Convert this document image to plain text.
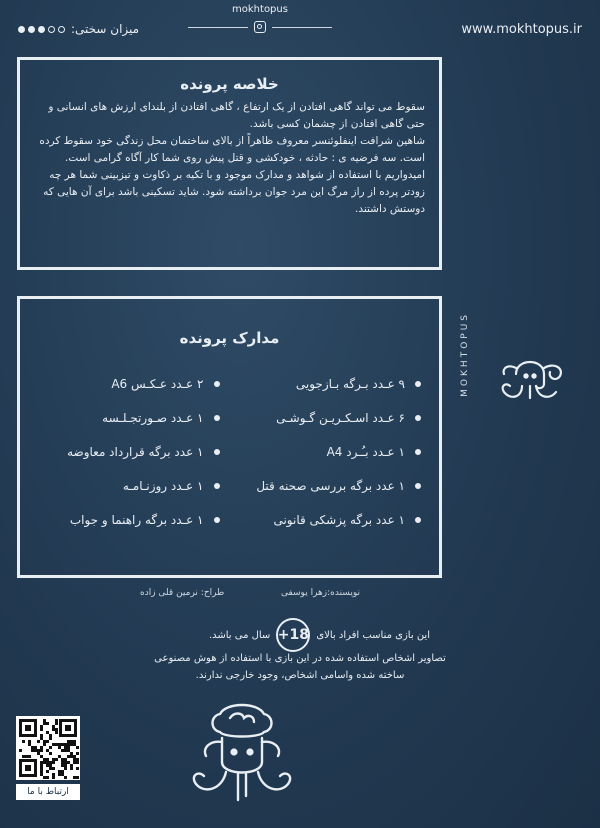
میزان سختی:
mokhtopus
www.mokhtopus.ir
خلاصه پرونده
سقوط می تواند گاهی افتادن از یک ارتفاع ، گاهی افتادن از بلندای ارزش های انسانی و حتی گاهی افتادن از چشمان کسی باشد.
شاهین شرافت اینفلوئنسر معروف ظاهراً از بالای ساختمان محل زندگی خود سقوط کرده است. سه فرضیه ی : حادثه ، خودکشی و قتل پیش روی شما کار آگاه گرامی است.
امیدواریم با استفاده از شواهد و مدارک موجود و با تکیه بر ذکاوت و تیزبینی شما هر چه زودتر پرده از راز مرگ این مرد جوان برداشته شود. شاید تسکینی باشد برای آن هایی که دوستش داشتند.
مدارک پرونده
۹ عـدد بـرگه بـازجویی
۲ عـدد عـکـس A6
۶ عـدد اسـکـریـن گـوشـی
۱ عـدد صـورتجـلـسه
۱ عـدد بـُـرد A4
۱ عدد برگه قرارداد معاوضه
۱ عدد برگه بررسی صحنه قتل
۱ عـدد روزنـامـه
۱ عدد برگه پزشکی قانونی
۱ عـدد برگه راهنما و جواب
MOKHTOPUS
نویسنده:زهرا یوسفی
طراح: نرمین قلی زاده
این بازی مناسب افراد بالای
18+
سال می باشد.
تصاویر اشخاص استفاده شده در این بازی با استفاده از هوش مصنوعی ساخته شده واسامی اشخاص، وجود خارجی ندارند.
ارتباط با ما
